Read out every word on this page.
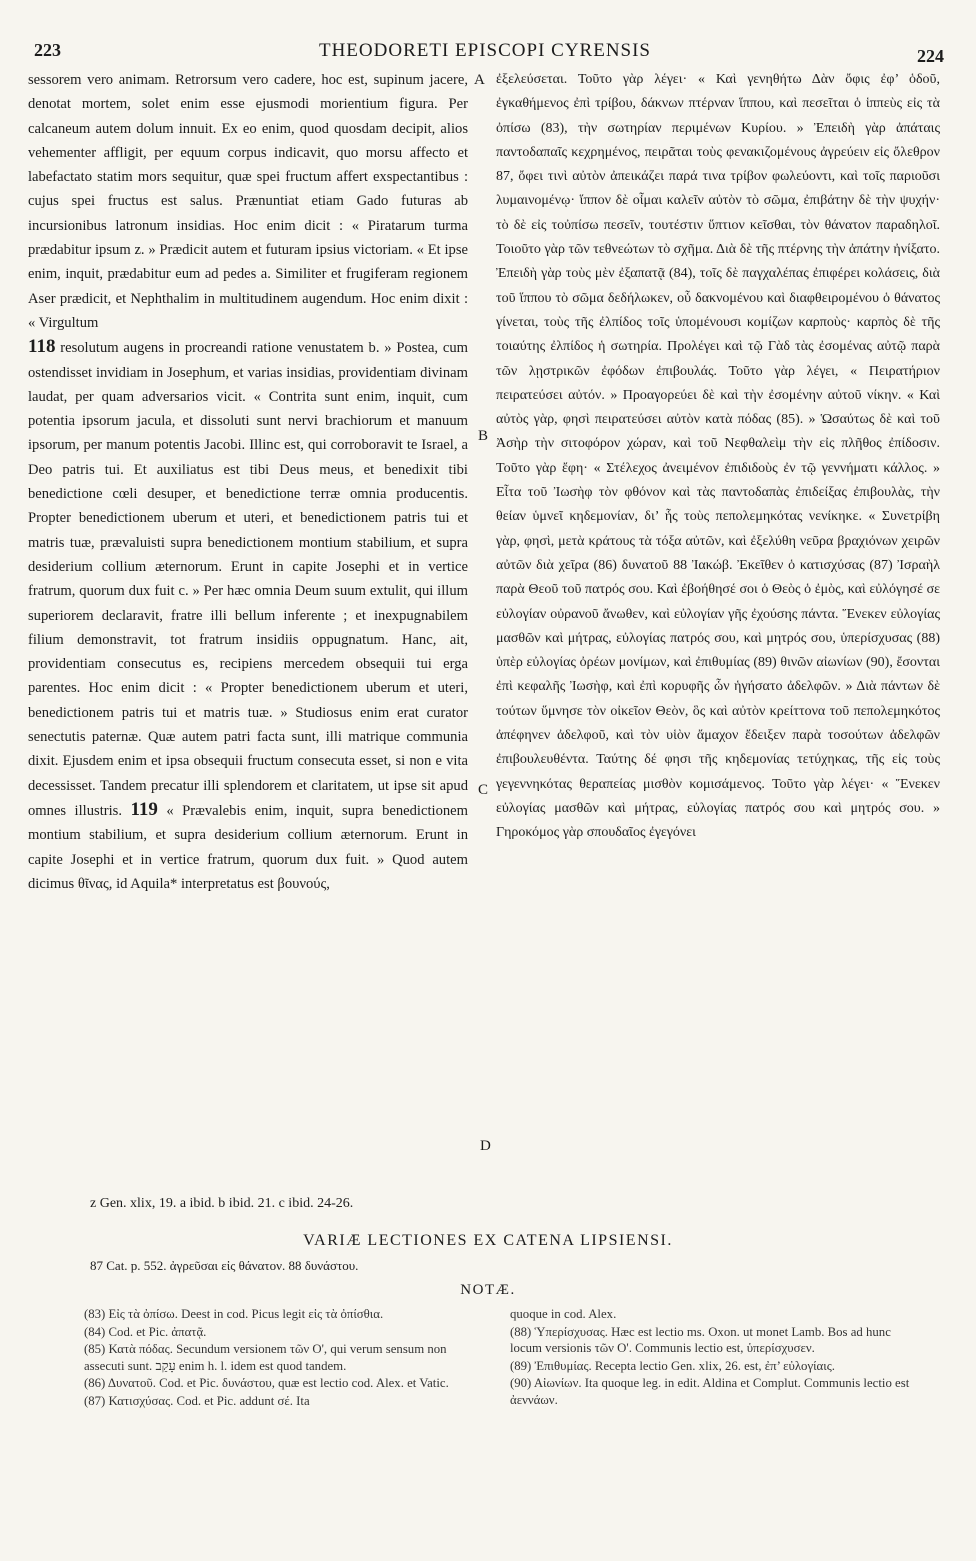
223	THEODORETI EPISCOPI CYRENSIS	224

sessorem vero animam. Retrorsum vero cadere, hoc est, supinum jacere, denotat mortem, solet enim esse ejusmodi morientium figura. Per calcaneum autem dolum innuit. Ex eo enim, quod quosdam decipit, alios vehementer affligit, per equum corpus indicavit, quo morsu affecto et labefactato statim mors sequitur, quæ spei fructum affert exspectantibus : cujus spei fructus est salus. Prænuntiat etiam Gado futuras ab incursionibus latronum insidias. Hoc enim dicit : « Piratarum turma prædabitur ipsum z. » Prædicit autem et futuram ipsius victoriam. « Et ipse enim, inquit, prædabitur eum ad pedes a. Similiter et frugiferam regionem Aser prædicit, et Nephthalim in multitudinem augendum. Hoc enim dixit : « Virgultum

118 resolutum augens in procreandi ratione venustatem b. » Postea, cum ostendisset invidiam in Josephum, et varias insidias, providentiam divinam laudat, per quam adversarios vicit. « Contrita sunt enim, inquit, cum potentia ipsorum jacula, et dissoluti sunt nervi brachiorum et manuum ipsorum, per manum potentis Jacobi. Illinc est, qui corroboravit te Israel, a Deo patris tui. Et auxiliatus est tibi Deus meus, et benedixit tibi benedictione cœli desuper, et benedictione terræ omnia producentis. Propter benedictionem uberum et uteri, et benedictionem patris tui et matris tuæ, prævaluisti supra benedictionem montium stabilium, et supra desiderium collium æternorum. Erunt in capite Josephi et in vertice fratrum, quorum dux fuit c. » Per hæc omnia Deum suum extulit, qui illum superiorem declaravit, fratre illi bellum inferente ; et inexpugnabilem filium demonstravit, tot fratrum insidiis oppugnatum. Hanc, ait, providentiam consecutus es, recipiens mercedem obsequii tui erga parentes. Hoc enim dicit : « Propter benedictionem uberum et uteri, benedictionem patris tui et matris tuæ. » Studiosus enim erat curator senectutis paternæ. Quæ autem patri facta sunt, illi matrique communia dixit. Ejusdem enim et ipsa obsequii fructum consecuta esset, si non e vita decessisset. Tandem precatur illi splendorem et claritatem, ut ipse sit apud omnes illustris. 119 « Prævalebis enim, inquit, supra benedictionem montium stabilium, et supra desiderium collium æternorum. Erunt in capite Josephi et in vertice fratrum, quorum dux fuit. » Quod autem dicimus θῖνας, id Aquila* interpretatus est βουνούς,

A
B
C
D

ἐξελεύσεται. Τοῦτο γὰρ λέγει· « Καὶ γενηθήτω Δὰν ὄφις ἐφ’ ὁδοῦ, ἐγκαθήμενος ἐπὶ τρίβου, δάκνων πτέρναν ἵππου, καὶ πεσεῖται ὁ ἱππεὺς εἰς τὰ ὀπίσω (83), τὴν σωτηρίαν περιμένων Κυρίου. » Ἐπειδὴ γὰρ ἀπάταις παντοδαπαῖς κεχρημένος, πειρᾶται τοὺς φενακιζομένους ἀγρεύειν εἰς ὄλεθρον 87, ὄφει τινὶ αὐτὸν ἀπεικάζει παρά τινα τρίβον φωλεύοντι, καὶ τοῖς παριοῦσι λυμαινομένῳ· ἵππον δὲ οἶμαι καλεῖν αὐτὸν τὸ σῶμα, ἐπιβάτην δὲ τὴν ψυχήν· τὸ δὲ εἰς τοὐπίσω πεσεῖν, τουτέστιν ὕπτιον κεῖσθαι, τὸν θάνατον παραδηλοῖ. Τοιοῦτο γὰρ τῶν τεθνεώτων τὸ σχῆμα. Διὰ δὲ τῆς πτέρνης τὴν ἀπάτην ἠνίξατο. Ἐπειδὴ γὰρ τοὺς μὲν ἐξαπατᾷ (84), τοῖς δὲ παγχαλέπας ἐπιφέρει κολάσεις, διὰ τοῦ ἵππου τὸ σῶμα δεδήλωκεν, οὗ δακνομένου καὶ διαφθειρομένου ὁ θάνατος γίνεται, τοὺς τῆς ἐλπίδος τοῖς ὑπομένουσι κομίζων καρποὺς· καρπὸς δὲ τῆς τοιαύτης ἐλπίδος ἡ σωτηρία. Προλέγει καὶ τῷ Γὰδ τὰς ἐσομένας αὐτῷ παρὰ τῶν λῃστρικῶν ἐφόδων ἐπιβουλάς. Τοῦτο γὰρ λέγει, « Πειρατήριον πειρατεύσει αὐτόν. » Προαγορεύει δὲ καὶ τὴν ἐσομένην αὐτοῦ νίκην. « Καὶ αὐτὸς γὰρ, φησὶ πειρατεύσει αὐτὸν κατὰ πόδας (85). » Ὡσαύτως δὲ καὶ τοῦ Ἀσὴρ τὴν σιτοφόρον χώραν, καὶ τοῦ Νεφθαλεὶμ τὴν εἰς πλῆθος ἐπίδοσιν. Τοῦτο γὰρ ἔφη· « Στέλεχος ἀνειμένον ἐπιδιδοὺς ἐν τῷ γεννήματι κάλλος. » Εἶτα τοῦ Ἰωσὴφ τὸν φθόνον καὶ τὰς παντοδαπὰς ἐπιδείξας ἐπιβουλὰς, τὴν θείαν ὑμνεῖ κηδεμονίαν, δι’ ἧς τοὺς πεπολεμηκότας νενίκηκε. « Συνετρίβη γὰρ, φησὶ, μετὰ κράτους τὰ τόξα αὐτῶν, καὶ ἐξελύθη νεῦρα βραχιόνων χειρῶν αὐτῶν διὰ χεῖρα (86) δυνατοῦ 88 Ἰακώβ. Ἐκεῖθεν ὁ κατισχύσας (87) Ἰσραὴλ παρὰ Θεοῦ τοῦ πατρός σου. Καὶ ἐβοήθησέ σοι ὁ Θεὸς ὁ ἐμὸς, καὶ εὐλόγησέ σε εὐλογίαν οὐρανοῦ ἄνωθεν, καὶ εὐλογίαν γῆς ἐχούσης πάντα. Ἕνεκεν εὐλογίας μασθῶν καὶ μήτρας, εὐλογίας πατρός σου, καὶ μητρός σου, ὑπερίσχυσας (88) ὑπὲρ εὐλογίας ὀρέων μονίμων, καὶ ἐπιθυμίας (89) θινῶν αἰωνίων (90), ἔσονται ἐπὶ κεφαλῆς Ἰωσὴφ, καὶ ἐπὶ κορυφῆς ὧν ἡγήσατο ἀδελφῶν. » Διὰ πάντων δὲ τούτων ὕμνησε τὸν οἰκεῖον Θεὸν, ὃς καὶ αὐτὸν κρείττονα τοῦ πεπολεμηκότος ἀπέφηνεν ἀδελφοῦ, καὶ τὸν υἱὸν ἄμαχον ἔδειξεν παρὰ τοσούτων ἀδελφῶν ἐπιβουλευθέντα. Ταύτης δέ φησι τῆς κηδεμονίας τετύχηκας, τῆς εἰς τοὺς γεγεννηκότας θεραπείας μισθὸν κομισάμενος. Τοῦτο γὰρ λέγει· « Ἕνεκεν εὐλογίας μασθῶν καὶ μήτρας, εὐλογίας πατρός σου καὶ μητρός σου. » Γηροκόμος γὰρ σπουδαῖος ἐγεγόνει

z Gen. xlix, 19. a ibid. b ibid. 21. c ibid. 24-26.
VARIÆ LECTIONES EX CATENA LIPSIENSI.
87 Cat. p. 552. ἀγρεῦσαι εἰς θάνατον. 88 δυνάστου.
NOTÆ.

(83) Εἰς τὰ ὀπίσω. Deest in cod. Picus legit εἰς τὰ ὀπίσθια.

(84) Cod. et Pic. ἀπατᾷ.

(85) Κατὰ πόδας. Secundum versionem τῶν O', qui verum sensum non assecuti sunt. עָקֵב enim h. l. idem est quod tandem.

(86) Δυνατοῦ. Cod. et Pic. δυνάστου, quæ est lectio cod. Alex. et Vatic.

(87) Κατισχύσας. Cod. et Pic. addunt σέ. Ita

quoque in cod. Alex.

(88) Ὑπερίσχυσας. Hæc est lectio ms. Oxon. ut monet Lamb. Bos ad hunc locum versionis τῶν O'. Communis lectio est, ὑπερίσχυσεν.

(89) Ἐπιθυμίας. Recepta lectio Gen. xlix, 26. est, ἐπ’ εὐλογίαις.

(90) Αἰωνίων. Ita quoque leg. in edit. Aldina et Complut. Communis lectio est ἀεννάων.
